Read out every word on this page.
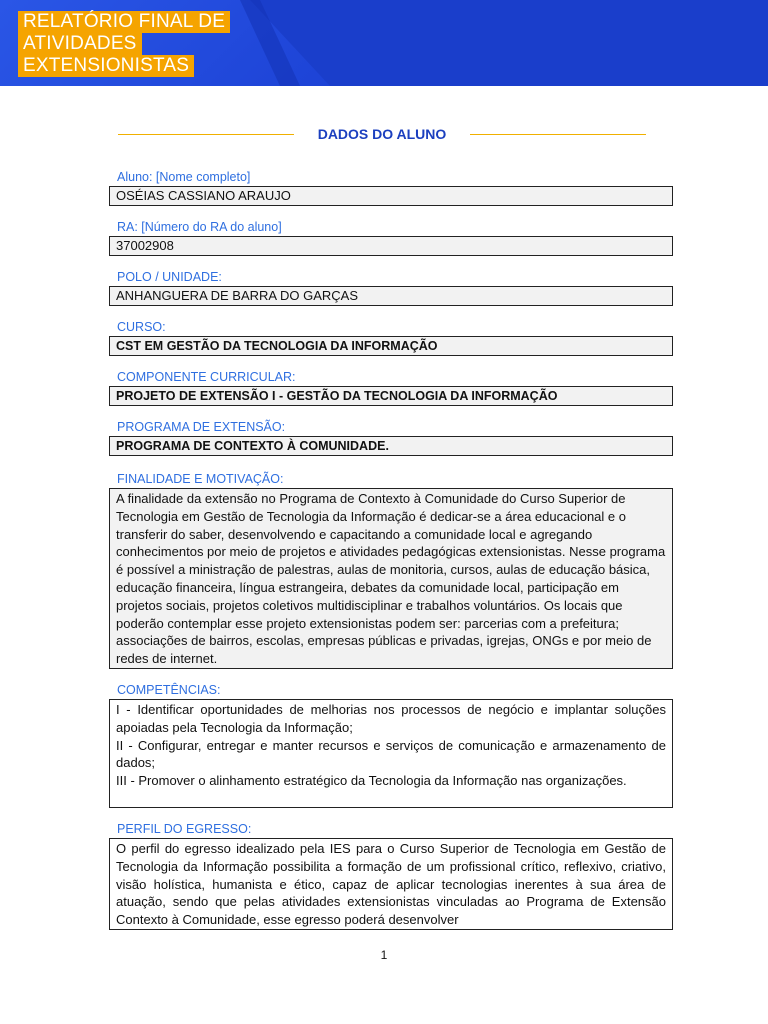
RELATÓRIO FINAL DE
ATIVIDADES
EXTENSIONISTAS
DADOS DO ALUNO
Aluno: [Nome completo]
OSÉIAS CASSIANO ARAUJO
RA: [Número do RA do aluno]
37002908
POLO / UNIDADE:
ANHANGUERA DE BARRA DO GARÇAS
CURSO:
CST EM GESTÃO DA TECNOLOGIA DA INFORMAÇÃO
COMPONENTE CURRICULAR:
PROJETO DE EXTENSÃO I - GESTÃO DA TECNOLOGIA DA INFORMAÇÃO
PROGRAMA DE EXTENSÃO:
PROGRAMA DE CONTEXTO À COMUNIDADE.
FINALIDADE E MOTIVAÇÃO:
A finalidade da extensão no Programa de Contexto à Comunidade do Curso Superior de Tecnologia em Gestão de Tecnologia da Informação é dedicar-se a área educacional e o transferir do saber, desenvolvendo e capacitando a comunidade local e agregando conhecimentos por meio de projetos e atividades pedagógicas extensionistas. Nesse programa é possível a ministração de palestras, aulas de monitoria, cursos, aulas de educação básica, educação financeira, língua estrangeira, debates da comunidade local, participação em projetos sociais, projetos coletivos multidisciplinar e trabalhos voluntários. Os locais que poderão contemplar esse projeto extensionistas podem ser: parcerias com a prefeitura; associações de bairros, escolas, empresas públicas e privadas, igrejas, ONGs e por meio de redes de internet.
COMPETÊNCIAS:
I - Identificar oportunidades de melhorias nos processos de negócio e implantar soluções apoiadas pela Tecnologia da Informação;
II - Configurar, entregar e manter recursos e serviços de comunicação e armazenamento de dados;
III - Promover o alinhamento estratégico da Tecnologia da Informação nas organizações.
PERFIL DO EGRESSO:
O perfil do egresso idealizado pela IES para o Curso Superior de Tecnologia em Gestão de Tecnologia da Informação possibilita a formação de um profissional crítico, reflexivo, criativo, visão holística, humanista e ético, capaz de aplicar tecnologias inerentes à sua área de atuação, sendo que pelas atividades extensionistas vinculadas ao Programa de Extensão Contexto à Comunidade, esse egresso poderá desenvolver
1
